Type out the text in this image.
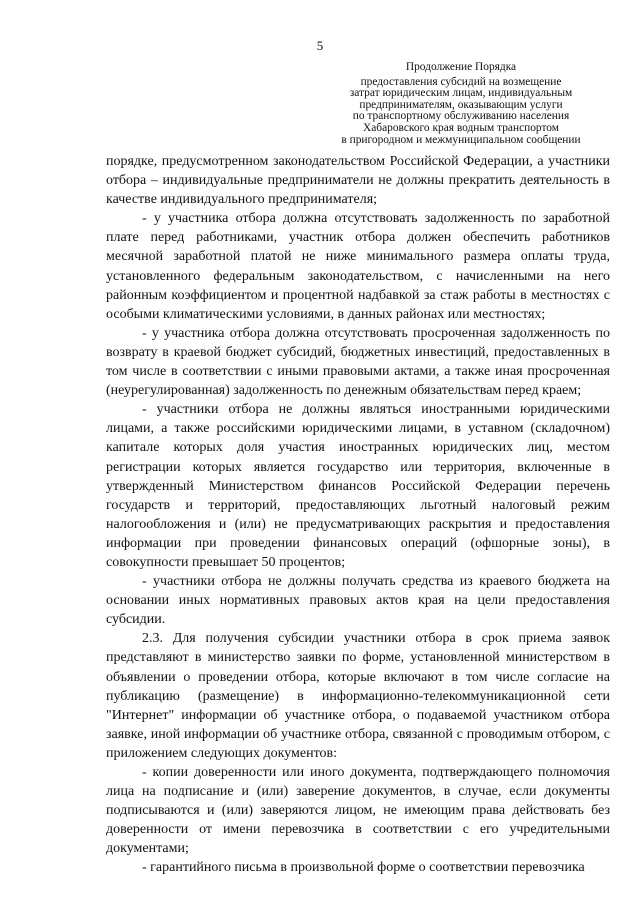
5
Продолжение Порядка
предоставления субсидий на возмещение
затрат юридическим лицам, индивидуальным
предпринимателям, оказывающим услуги
по транспортному обслуживанию населения
Хабаровского края водным транспортом
в пригородном и межмуниципальном сообщении

порядке, предусмотренном законодательством Российской Федерации, а участники отбора – индивидуальные предприниматели не должны прекратить деятельность в качестве индивидуального предпринимателя;

- у участника отбора должна отсутствовать задолженность по заработной плате перед работниками, участник отбора должен обеспечить работников месячной заработной платой не ниже минимального размера оплаты труда, установленного федеральным законодательством, с начисленными на него районным коэффициентом и процентной надбавкой за стаж работы в местностях с особыми климатическими условиями, в данных районах или местностях;

- у участника отбора должна отсутствовать просроченная задолженность по возврату в краевой бюджет субсидий, бюджетных инвестиций, предоставленных в том числе в соответствии с иными правовыми актами, а также иная просроченная (неурегулированная) задолженность по денежным обязательствам перед краем;

- участники отбора не должны являться иностранными юридическими лицами, а также российскими юридическими лицами, в уставном (складочном) капитале которых доля участия иностранных юридических лиц, местом регистрации которых является государство или территория, включенные в утвержденный Министерством финансов Российской Федерации перечень государств и территорий, предоставляющих льготный налоговый режим налогообложения и (или) не предусматривающих раскрытия и предоставления информации при проведении финансовых операций (офшорные зоны), в совокупности превышает 50 процентов;

- участники отбора не должны получать средства из краевого бюджета на основании иных нормативных правовых актов края на цели предоставления субсидии.

2.3. Для получения субсидии участники отбора в срок приема заявок представляют в министерство заявки по форме, установленной министерством в объявлении о проведении отбора, которые включают в том числе согласие на публикацию (размещение) в информационно-телекоммуникационной сети "Интернет" информации об участнике отбора, о подаваемой участником отбора заявке, иной информации об участнике отбора, связанной с проводимым отбором, с приложением следующих документов:

- копии доверенности или иного документа, подтверждающего полномочия лица на подписание и (или) заверение документов, в случае, если документы подписываются и (или) заверяются лицом, не имеющим права действовать без доверенности от имени перевозчика в соответствии с его учредительными документами;

- гарантийного письма в произвольной форме о соответствии перевозчика
